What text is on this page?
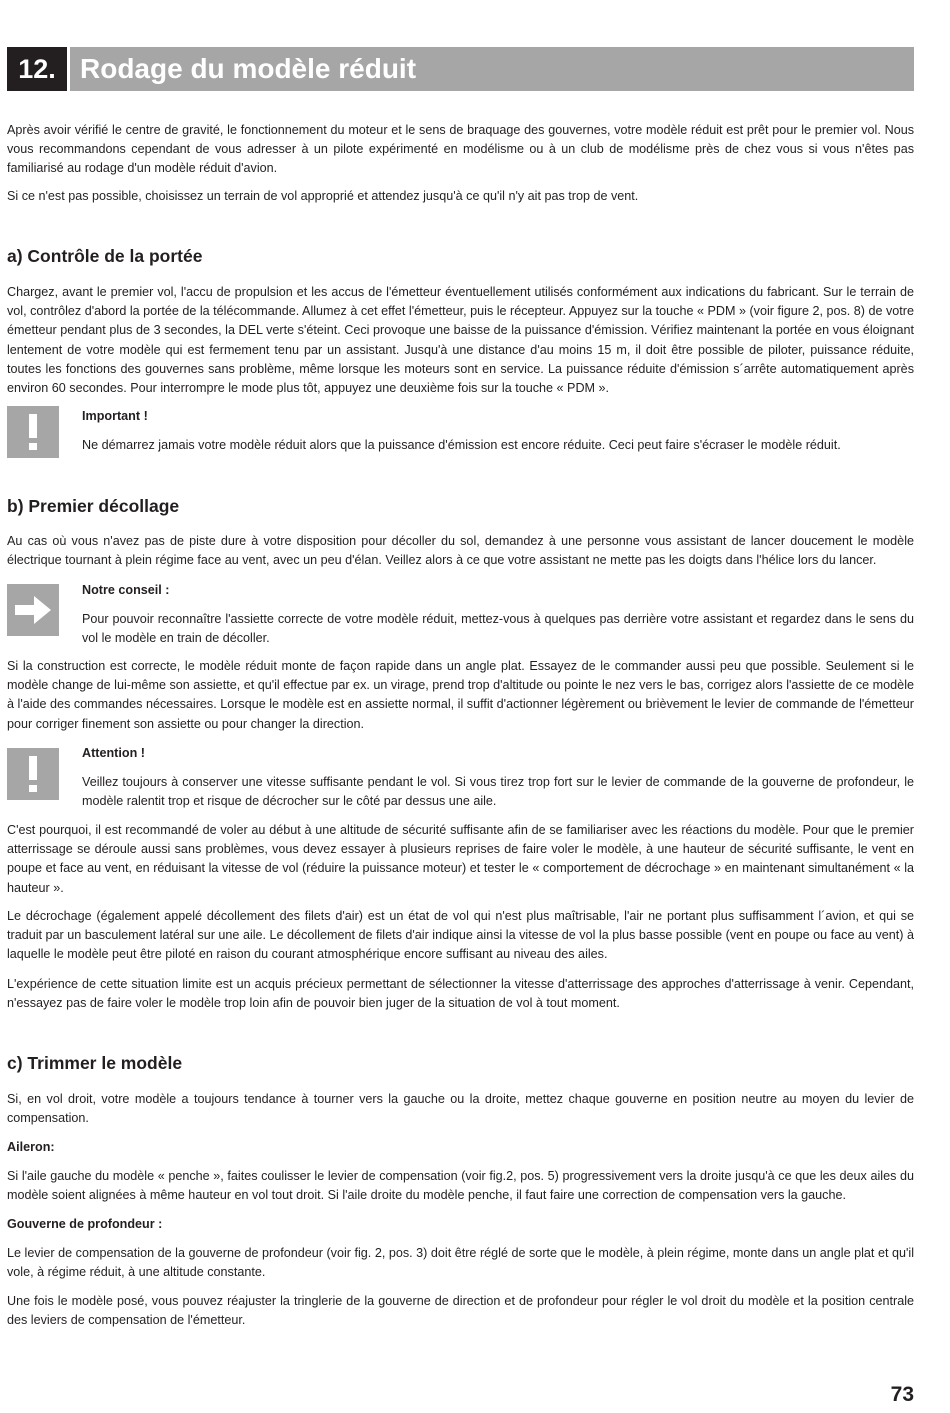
12. Rodage du modèle réduit

Après avoir vérifié le centre de gravité, le fonctionnement du moteur et le sens de braquage des gouvernes, votre modèle réduit est prêt pour le premier vol. Nous vous recommandons cependant de vous adresser à un pilote expérimenté en modélisme ou à un club de modélisme près de chez vous si vous n'êtes pas familiarisé au rodage d'un modèle réduit d'avion.

Si ce n'est pas possible, choisissez un terrain de vol approprié et attendez jusqu'à ce qu'il n'y ait pas trop de vent.

a) Contrôle de la portée

Chargez, avant le premier vol, l'accu de propulsion et les accus de l'émetteur éventuellement utilisés conformément aux indications du fabricant. Sur le terrain de vol, contrôlez d'abord la portée de la télécommande. Allumez à cet effet l'émetteur, puis le récepteur. Appuyez sur la touche « PDM » (voir figure 2, pos. 8) de votre émetteur pendant plus de 3 secondes, la DEL verte s'éteint. Ceci provoque une baisse de la puissance d'émission. Vérifiez maintenant la portée en vous éloignant lentement de votre modèle qui est fermement tenu par un assistant. Jusqu'à une distance d'au moins 15 m, il doit être possible de piloter, puissance réduite, toutes les fonctions des gouvernes sans problème, même lorsque les moteurs sont en service. La puissance réduite d'émission s´arrête automatiquement après environ 60 secondes. Pour interrompre le mode plus tôt, appuyez une deuxième fois sur la touche « PDM ».

Important !

Ne démarrez jamais votre modèle réduit alors que la puissance d'émission est encore réduite. Ceci peut faire s'écraser le modèle réduit.

b) Premier décollage

Au cas où vous n'avez pas de piste dure à votre disposition pour décoller du sol, demandez à une personne vous assistant de lancer doucement le modèle électrique tournant à plein régime face au vent, avec un peu d'élan. Veillez alors à ce que votre assistant ne mette pas les doigts dans l'hélice lors du lancer.

Notre conseil :

Pour pouvoir reconnaître l'assiette correcte de votre modèle réduit, mettez-vous à quelques pas derrière votre assistant et regardez dans le sens du vol le modèle en train de décoller.

Si la construction est correcte, le modèle réduit monte de façon rapide dans un angle plat. Essayez de le commander aussi peu que possible. Seulement si le modèle change de lui-même son assiette, et qu'il effectue par ex. un virage, prend trop d'altitude ou pointe le nez vers le bas, corrigez alors l'assiette de ce modèle à l'aide des commandes nécessaires. Lorsque le modèle est en assiette normal, il suffit d'actionner légèrement ou brièvement le levier de commande de l'émetteur pour corriger finement son assiette ou pour changer la direction.

Attention !

Veillez toujours à conserver une vitesse suffisante pendant le vol. Si vous tirez trop fort sur le levier de commande de la gouverne de profondeur, le modèle ralentit trop et risque de décrocher sur le côté par dessus une aile.

C'est pourquoi, il est recommandé de voler au début à une altitude de sécurité suffisante afin de se familiariser avec les réactions du modèle. Pour que le premier atterrissage se déroule aussi sans problèmes, vous devez essayer à plusieurs reprises de faire voler le modèle, à une hauteur de sécurité suffisante, le vent en poupe et face au vent, en réduisant la vitesse de vol (réduire la puissance moteur) et tester le « comportement de décrochage » en maintenant simultanément « la hauteur ».

Le décrochage (également appelé décollement des filets d'air) est un état de vol qui n'est plus maîtrisable, l'air ne portant plus suffisamment l´avion, et qui se traduit par un basculement latéral sur une aile. Le décollement de filets d'air indique ainsi la vitesse de vol la plus basse possible (vent en poupe ou face au vent) à laquelle le modèle peut être piloté en raison du courant atmosphérique encore suffisant au niveau des ailes.

L'expérience de cette situation limite est un acquis précieux permettant de sélectionner la vitesse d'atterrissage des approches d'atterrissage à venir. Cependant, n'essayez pas de faire voler le modèle trop loin afin de pouvoir bien juger de la situation de vol à tout moment.

c) Trimmer le modèle

Si, en vol droit, votre modèle a toujours tendance à tourner vers la gauche ou la droite, mettez chaque gouverne en position neutre au moyen du levier de compensation.

Aileron:

Si l'aile gauche du modèle « penche », faites coulisser le levier de compensation (voir fig.2, pos. 5) progressivement vers la droite jusqu'à ce que les deux ailes du modèle soient alignées à même hauteur en vol tout droit. Si l'aile droite du modèle penche, il faut faire une correction de compensation vers la gauche.

Gouverne de profondeur :

Le levier de compensation de la gouverne de profondeur (voir fig. 2, pos. 3) doit être réglé de sorte que le modèle, à plein régime, monte dans un angle plat et qu'il vole, à régime réduit, à une altitude constante.

Une fois le modèle posé, vous pouvez réajuster la tringlerie de la gouverne de direction et de profondeur pour régler le vol droit du modèle et la position centrale des leviers de compensation de l'émetteur.

73
